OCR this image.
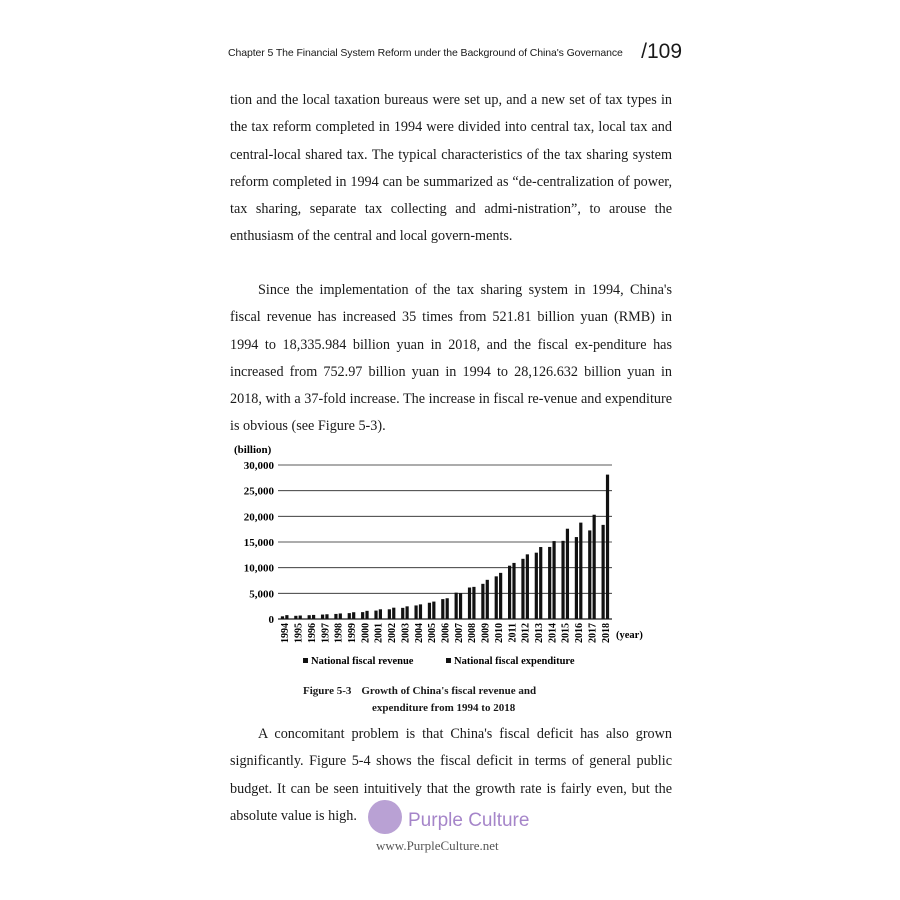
Chapter 5 The Financial System Reform under the Background of China's Governance /109
tion and the local taxation bureaus were set up, and a new set of tax types in the tax reform completed in 1994 were divided into central tax, local tax and central-local shared tax. The typical characteristics of the tax sharing system reform completed in 1994 can be summarized as “de-centralization of power, tax sharing, separate tax collecting and admi-nistration”, to arouse the enthusiasm of the central and local govern-ments.
Since the implementation of the tax sharing system in 1994, China's fiscal revenue has increased 35 times from 521.81 billion yuan (RMB) in 1994 to 18,335.984 billion yuan in 2018, and the fiscal ex-penditure has increased from 752.97 billion yuan in 1994 to 28,126.632 billion yuan in 2018, with a 37-fold increase. The increase in fiscal re-venue and expenditure is obvious (see Figure 5-3).
(billion)
(year)
National fiscal revenue	National fiscal expenditure
0
5,000
10,000
15,000
20,000
25,000
30,000
1994 1995 1996 1997 1998 1999 2000 2001 2002 2003 2004 2005 2006 2007 2008 2009 2010 2011 2012 2013 2014 2015 2016 2017 2018
Figure 5-3 Growth of China's fiscal revenue and
expenditure from 1994 to 2018
A concomitant problem is that China's fiscal deficit has also grown significantly. Figure 5-4 shows the fiscal deficit in terms of general public budget. It can be seen intuitively that the growth rate is fairly even, but the absolute value is high.	Purple Culture
www.PurpleCulture.net
